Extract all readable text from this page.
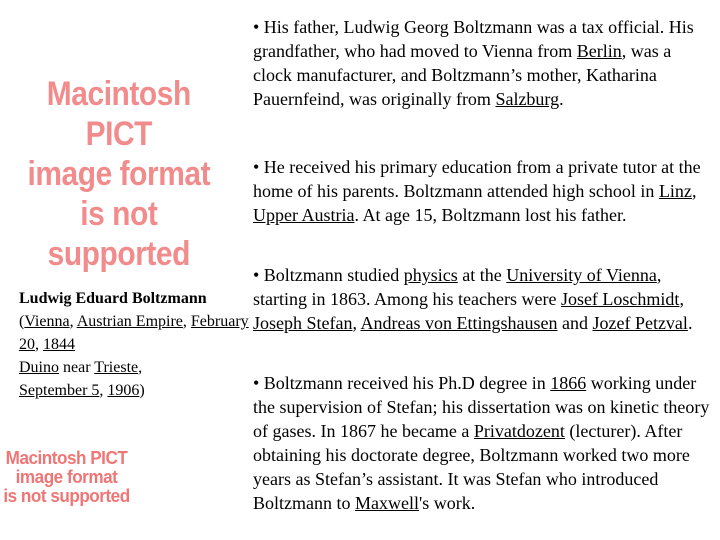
Macintosh PICT
image format
is not supported
Macintosh PICT
image format
is not supported
Ludwig Eduard Boltzmann
(Vienna, Austrian Empire, February 20, 1844
Duino near Trieste,
September 5, 1906)

• His father, Ludwig Georg Boltzmann was a tax official. His grandfather, who had moved to Vienna from Berlin, was a clock manufacturer, and Boltzmann’s mother, Katharina Pauernfeind, was originally from Salzburg.

• He received his primary education from a private tutor at the home of his parents. Boltzmann attended high school in Linz, Upper Austria. At age 15, Boltzmann lost his father.

• Boltzmann studied physics at the University of Vienna, starting in 1863. Among his teachers were Josef Loschmidt, Joseph Stefan, Andreas von Ettingshausen and Jozef Petzval.

• Boltzmann received his Ph.D degree in 1866 working under the supervision of Stefan; his dissertation was on kinetic theory of gases. In 1867 he became a Privatdozent (lecturer). After obtaining his doctorate degree, Boltzmann worked two more years as Stefan’s assistant. It was Stefan who introduced Boltzmann to Maxwell's work.
